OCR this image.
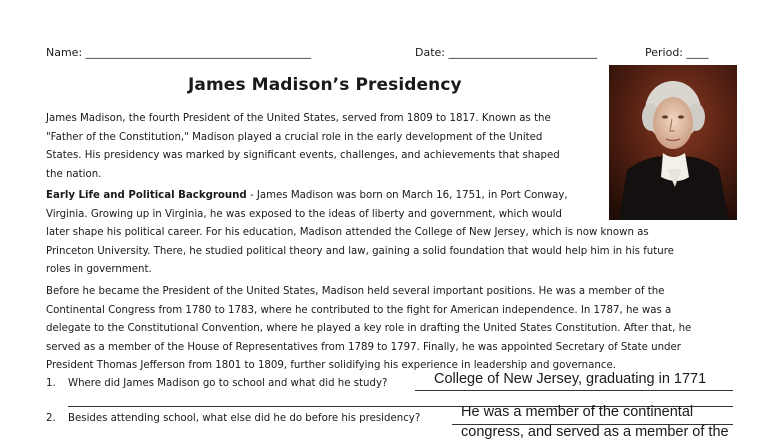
Name: _________________________________________	Date: ___________________________	Period: ____
James Madison’s Presidency
James Madison, the fourth President of the United States, served from 1809 to 1817. Known as the
"Father of the Constitution," Madison played a crucial role in the early development of the United
States. His presidency was marked by significant events, challenges, and achievements that shaped
the nation.
Early Life and Political Background - James Madison was born on March 16, 1751, in Port Conway,
Virginia. Growing up in Virginia, he was exposed to the ideas of liberty and government, which would
later shape his political career. For his education, Madison attended the College of New Jersey, which is now known as
Princeton University. There, he studied political theory and law, gaining a solid foundation that would help him in his future
roles in government.
Before he became the President of the United States, Madison held several important positions. He was a member of the
Continental Congress from 1780 to 1783, where he contributed to the fight for American independence. In 1787, he was a
delegate to the Constitutional Convention, where he played a key role in drafting the United States Constitution. After that, he
served as a member of the House of Representatives from 1789 to 1797. Finally, he was appointed Secretary of State under
President Thomas Jefferson from 1801 to 1809, further solidifying his experience in leadership and governance.
1. Where did James Madison go to school and what did he study?	College of New Jersey, graduating in 1771
2. Besides attending school, what else did he do before his presidency?	He was a member of the continental
congress, and served as a member of the
